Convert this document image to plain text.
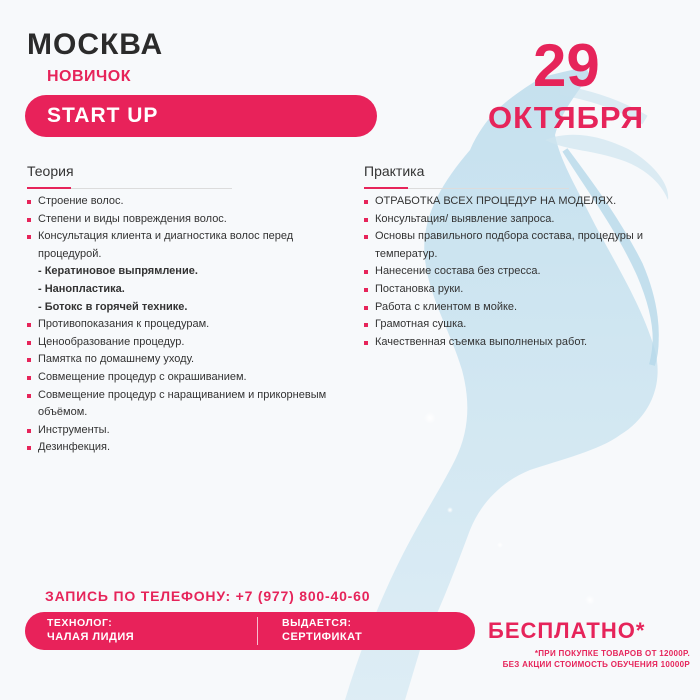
МОСКВА
НОВИЧОК
START UP
29
ОКТЯБРЯ
Теория
Строение волос.
Степени и виды повреждения волос.
Консультация клиента и диагностика волос перед процедурой.
- Кератиновое выпрямление.
- Нанопластика.
- Ботокс в горячей технике.
Противопоказания к процедурам.
Ценообразование процедур.
Памятка по домашнему уходу.
Совмещение процедур с окрашиванием.
Совмещение процедур с наращиванием и прикорневым объёмом.
Инструменты.
Дезинфекция.
Практика
ОТРАБОТКА ВСЕХ ПРОЦЕДУР НА МОДЕЛЯХ.
Консультация/ выявление запроса.
Основы правильного подбора состава, процедуры и температур.
Нанесение состава без стресса.
Постановка руки.
Работа с клиентом в мойке.
Грамотная сушка.
Качественная съемка выполненых работ.
ЗАПИСЬ ПО ТЕЛЕФОНУ: +7 (977) 800-40-60
ТЕХНОЛОГ:
ЧАЛАЯ ЛИДИЯ
ВЫДАЕТСЯ:
СЕРТИФИКАТ	БЕСПЛАТНО*
*ПРИ ПОКУПКЕ ТОВАРОВ ОТ 12000Р.
БЕЗ АКЦИИ СТОИМОСТЬ ОБУЧЕНИЯ 10000Р
